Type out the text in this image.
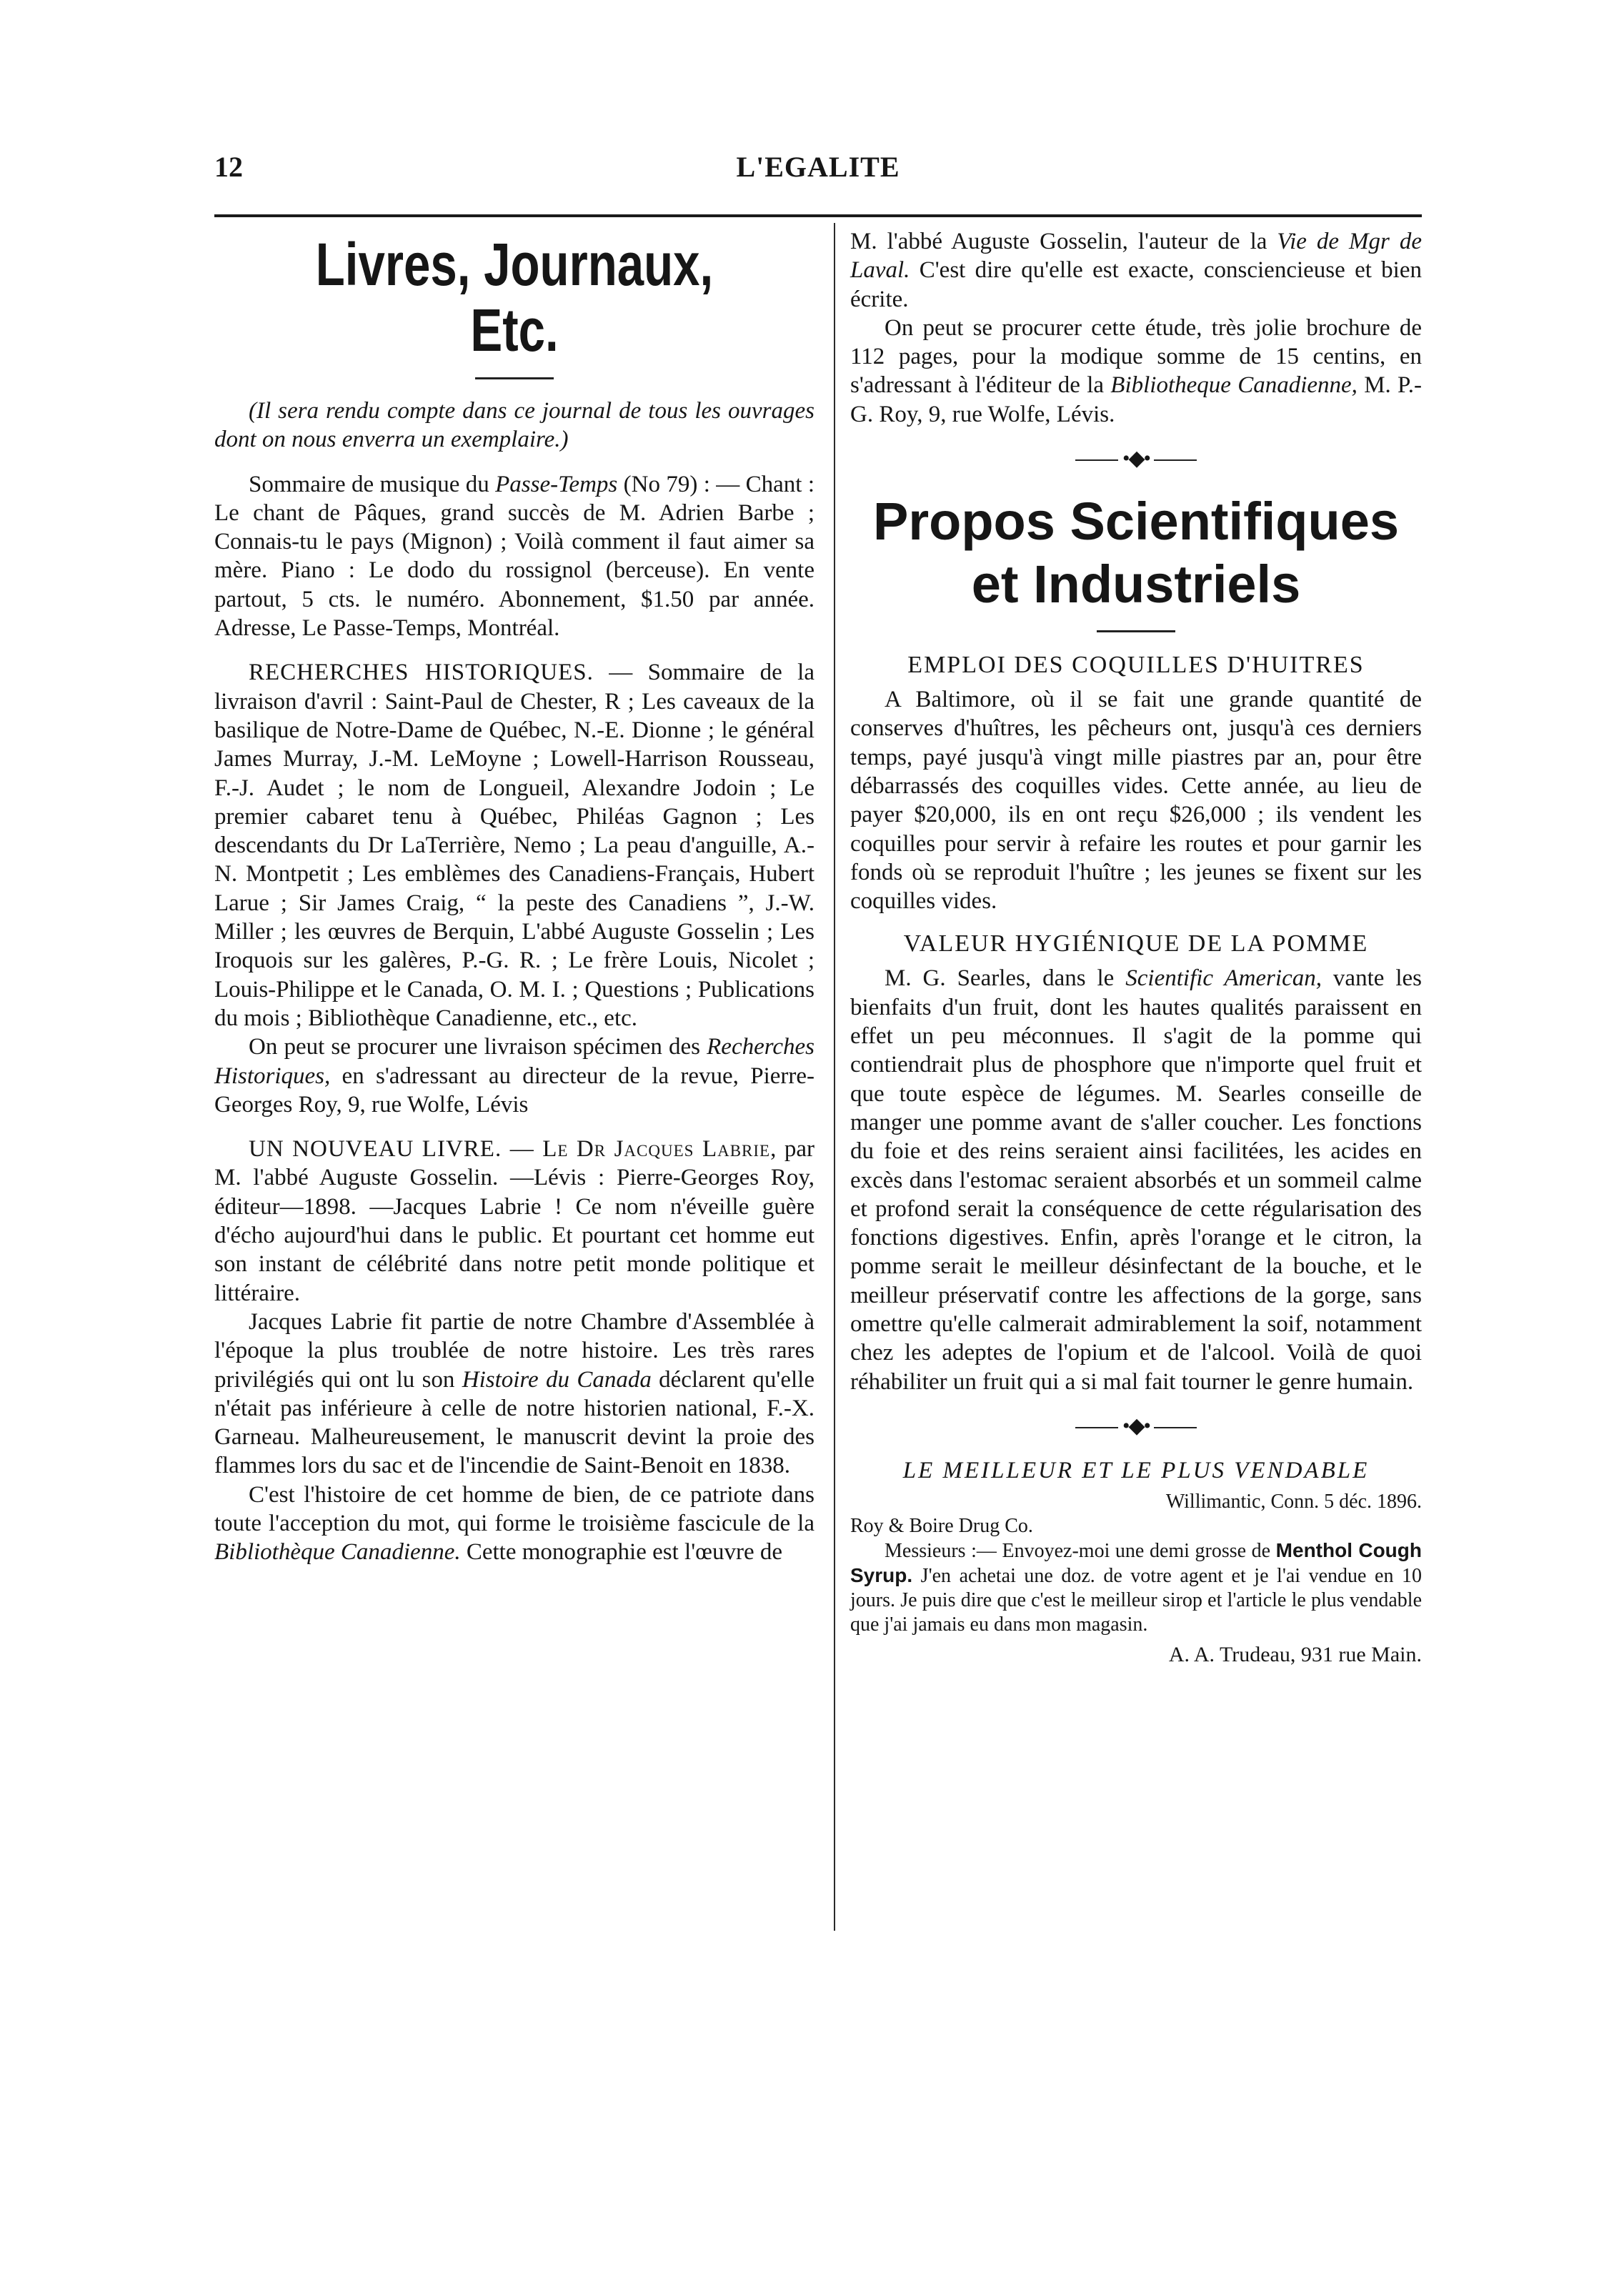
12	L'EGALITE
Livres, Journaux, Etc.

(Il sera rendu compte dans ce journal de tous les ouvrages dont on nous enverra un exemplaire.)

Sommaire de musique du Passe-Temps (No 79) : — Chant : Le chant de Pâques, grand succès de M. Adrien Barbe ; Connais-tu le pays (Mignon) ; Voilà comment il faut aimer sa mère. Piano : Le dodo du rossignol (berceuse). En vente partout, 5 cts. le numéro. Abonnement, $1.50 par année. Adresse, Le Passe-Temps, Montréal.

RECHERCHES HISTORIQUES. — Sommaire de la livraison d'avril : Saint-Paul de Chester, R ; Les caveaux de la basilique de Notre-Dame de Québec, N.-E. Dionne ; le général James Murray, J.-M. LeMoyne ; Lowell-Harrison Rousseau, F.-J. Audet ; le nom de Longueil, Alexandre Jodoin ; Le premier cabaret tenu à Québec, Philéas Gagnon ; Les descendants du Dr LaTerrière, Nemo ; La peau d'anguille, A.-N. Montpetit ; Les emblèmes des Canadiens-Français, Hubert Larue ; Sir James Craig, “ la peste des Canadiens ”, J.-W. Miller ; les œuvres de Berquin, L'abbé Auguste Gosselin ; Les Iroquois sur les galères, P.-G. R. ; Le frère Louis, Nicolet ; Louis-Philippe et le Canada, O. M. I. ; Questions ; Publications du mois ; Bibliothèque Canadienne, etc., etc.

On peut se procurer une livraison spécimen des Recherches Historiques, en s'adressant au directeur de la revue, Pierre-Georges Roy, 9, rue Wolfe, Lévis

UN NOUVEAU LIVRE. — Le Dr Jacques Labrie, par M. l'abbé Auguste Gosselin. —Lévis : Pierre-Georges Roy, éditeur—1898. —Jacques Labrie ! Ce nom n'éveille guère d'écho aujourd'hui dans le public. Et pourtant cet homme eut son instant de célébrité dans notre petit monde politique et littéraire.

Jacques Labrie fit partie de notre Chambre d'Assemblée à l'époque la plus troublée de notre histoire. Les très rares privilégiés qui ont lu son Histoire du Canada déclarent qu'elle n'était pas inférieure à celle de notre historien national, F.-X. Garneau. Malheureusement, le manuscrit devint la proie des flammes lors du sac et de l'incendie de Saint-Benoit en 1838.

C'est l'histoire de cet homme de bien, de ce patriote dans toute l'acception du mot, qui forme le troisième fascicule de la Bibliothèque Canadienne. Cette monographie est l'œuvre de

M. l'abbé Auguste Gosselin, l'auteur de la Vie de Mgr de Laval. C'est dire qu'elle est exacte, consciencieuse et bien écrite.

On peut se procurer cette étude, très jolie brochure de 112 pages, pour la modique somme de 15 centins, en s'adressant à l'éditeur de la Bibliotheque Canadienne, M. P.-G. Roy, 9, rue Wolfe, Lévis.

•◆•
Propos Scientifiques
et Industriels
EMPLOI DES COQUILLES D'HUITRES

A Baltimore, où il se fait une grande quantité de conserves d'huîtres, les pêcheurs ont, jusqu'à ces derniers temps, payé jusqu'à vingt mille piastres par an, pour être débarrassés des coquilles vides. Cette année, au lieu de payer $20,000, ils en ont reçu $26,000 ; ils vendent les coquilles pour servir à refaire les routes et pour garnir les fonds où se reproduit l'huître ; les jeunes se fixent sur les coquilles vides.

VALEUR HYGIÉNIQUE DE LA POMME

M. G. Searles, dans le Scientific American, vante les bienfaits d'un fruit, dont les hautes qualités paraissent en effet un peu méconnues. Il s'agit de la pomme qui contiendrait plus de phosphore que n'importe quel fruit et que toute espèce de légumes. M. Searles conseille de manger une pomme avant de s'aller coucher. Les fonctions du foie et des reins seraient ainsi facilitées, les acides en excès dans l'estomac seraient absorbés et un sommeil calme et profond serait la conséquence de cette régularisation des fonctions digestives. Enfin, après l'orange et le citron, la pomme serait le meilleur désinfectant de la bouche, et le meilleur préservatif contre les affections de la gorge, sans omettre qu'elle calmerait admirablement la soif, notamment chez les adeptes de l'opium et de l'alcool. Voilà de quoi réhabiliter un fruit qui a si mal fait tourner le genre humain.

•◆•
LE MEILLEUR ET LE PLUS VENDABLE

Willimantic, Conn. 5 déc. 1896.

Roy & Boire Drug Co.

Messieurs :— Envoyez-moi une demi grosse de Menthol Cough Syrup. J'en achetai une doz. de votre agent et je l'ai vendue en 10 jours. Je puis dire que c'est le meilleur sirop et l'article le plus vendable que j'ai jamais eu dans mon magasin.

A. A. Trudeau, 931 rue Main.
